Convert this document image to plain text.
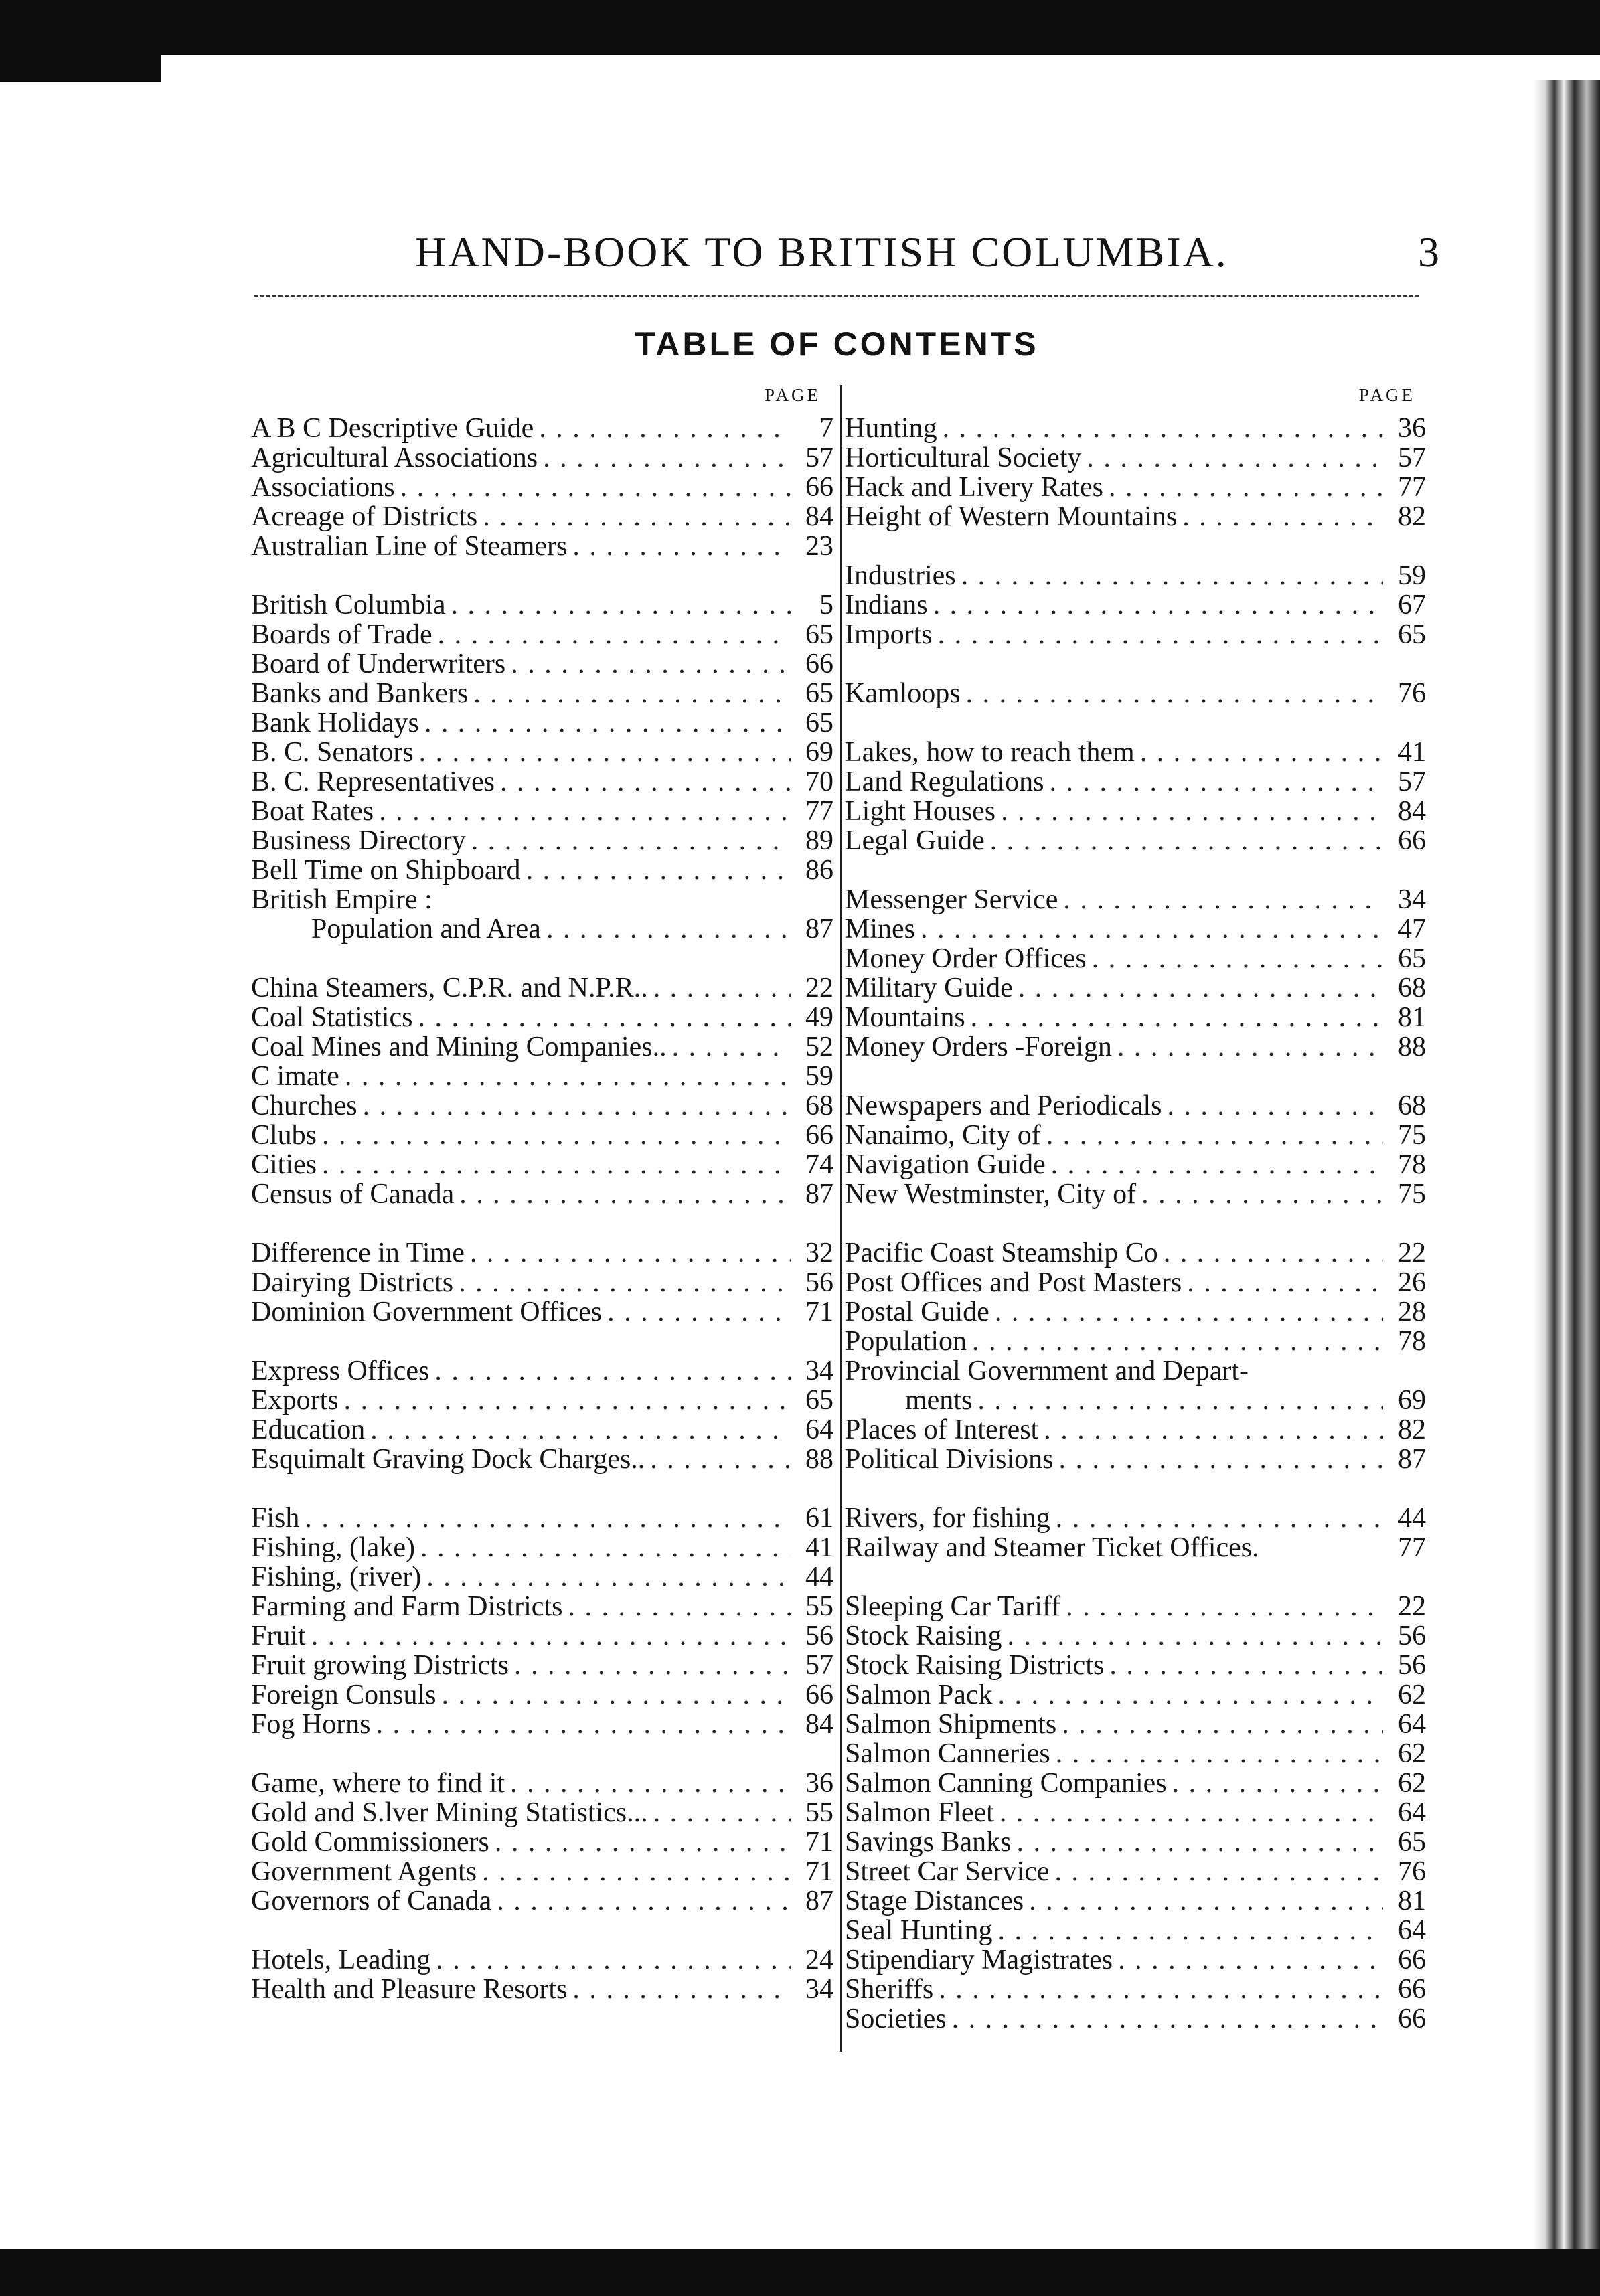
HAND-BOOK TO BRITISH COLUMBIA.	3
TABLE OF CONTENTS
PAGE	PAGE
A B C Descriptive Guide . . .	7
Agricultural Associations . . .	57
Associations . . .	66
Acreage of Districts . . .	84
Australian Line of Steamers . . .	23
British Columbia . . .	5
Boards of Trade . . .	65
Board of Underwriters . . .	66
Banks and Bankers . . .	65
Bank Holidays . . .	65
B. C. Senators . . .	69
B. C. Representatives . . .	70
Boat Rates . . .	77
Business Directory . . .	89
Bell Time on Shipboard . . .	86
British Empire :
Population and Area . . .	87
China Steamers, C.P.R. and N.P.R.. . . .	22
Coal Statistics . . .	49
Coal Mines and Mining Companies.. . . .	52
C imate . . .	59
Churches . . .	68
Clubs . . .	66
Cities . . .	74
Census of Canada . . .	87
Difference in Time . . .	32
Dairying Districts . . .	56
Dominion Government Offices . . .	71
Express Offices . . .	34
Exports . . .	65
Education . . .	64
Esquimalt Graving Dock Charges.. . . .	88
Fish . . .	61
Fishing, (lake) . . .	41
Fishing, (river) . . .	44
Farming and Farm Districts . . .	55
Fruit . . .	56
Fruit growing Districts . . .	57
Foreign Consuls . . .	66
Fog Horns . . .	84
Game, where to find it . . .	36
Gold and S.lver Mining Statistics... . . .	55
Gold Commissioners . . .	71
Government Agents . . .	71
Governors of Canada . . .	87
Hotels, Leading . . .	24
Health and Pleasure Resorts . . .	34
Hunting . . .	36
Horticultural Society . . .	57
Hack and Livery Rates . . .	77
Height of Western Mountains . . .	82
Industries . . .	59
Indians . . .	67
Imports . . .	65
Kamloops . . .	76
Lakes, how to reach them . . .	41
Land Regulations . . .	57
Light Houses . . .	84
Legal Guide . . .	66
Messenger Service . . .	34
Mines . . .	47
Money Order Offices . . .	65
Military Guide . . .	68
Mountains . . .	81
Money Orders -Foreign . . .	88
Newspapers and Periodicals . . .	68
Nanaimo, City of . . .	75
Navigation Guide . . .	78
New Westminster, City of . . .	75
Pacific Coast Steamship Co . . .	22
Post Offices and Post Masters . . .	26
Postal Guide . . .	28
Population . . .	78
Provincial Government and Depart-
ments . . .	69
Places of Interest . . .	82
Political Divisions . . .	87
Rivers, for fishing . . .	44
Railway and Steamer Ticket Offices.	77
Sleeping Car Tariff . . .	22
Stock Raising . . .	56
Stock Raising Districts . . .	56
Salmon Pack . . .	62
Salmon Shipments . . .	64
Salmon Canneries . . .	62
Salmon Canning Companies . . .	62
Salmon Fleet . . .	64
Savings Banks . . .	65
Street Car Service . . .	76
Stage Distances . . .	81
Seal Hunting . . .	64
Stipendiary Magistrates . . .	66
Sheriffs . . .	66
Societies . . .	66
